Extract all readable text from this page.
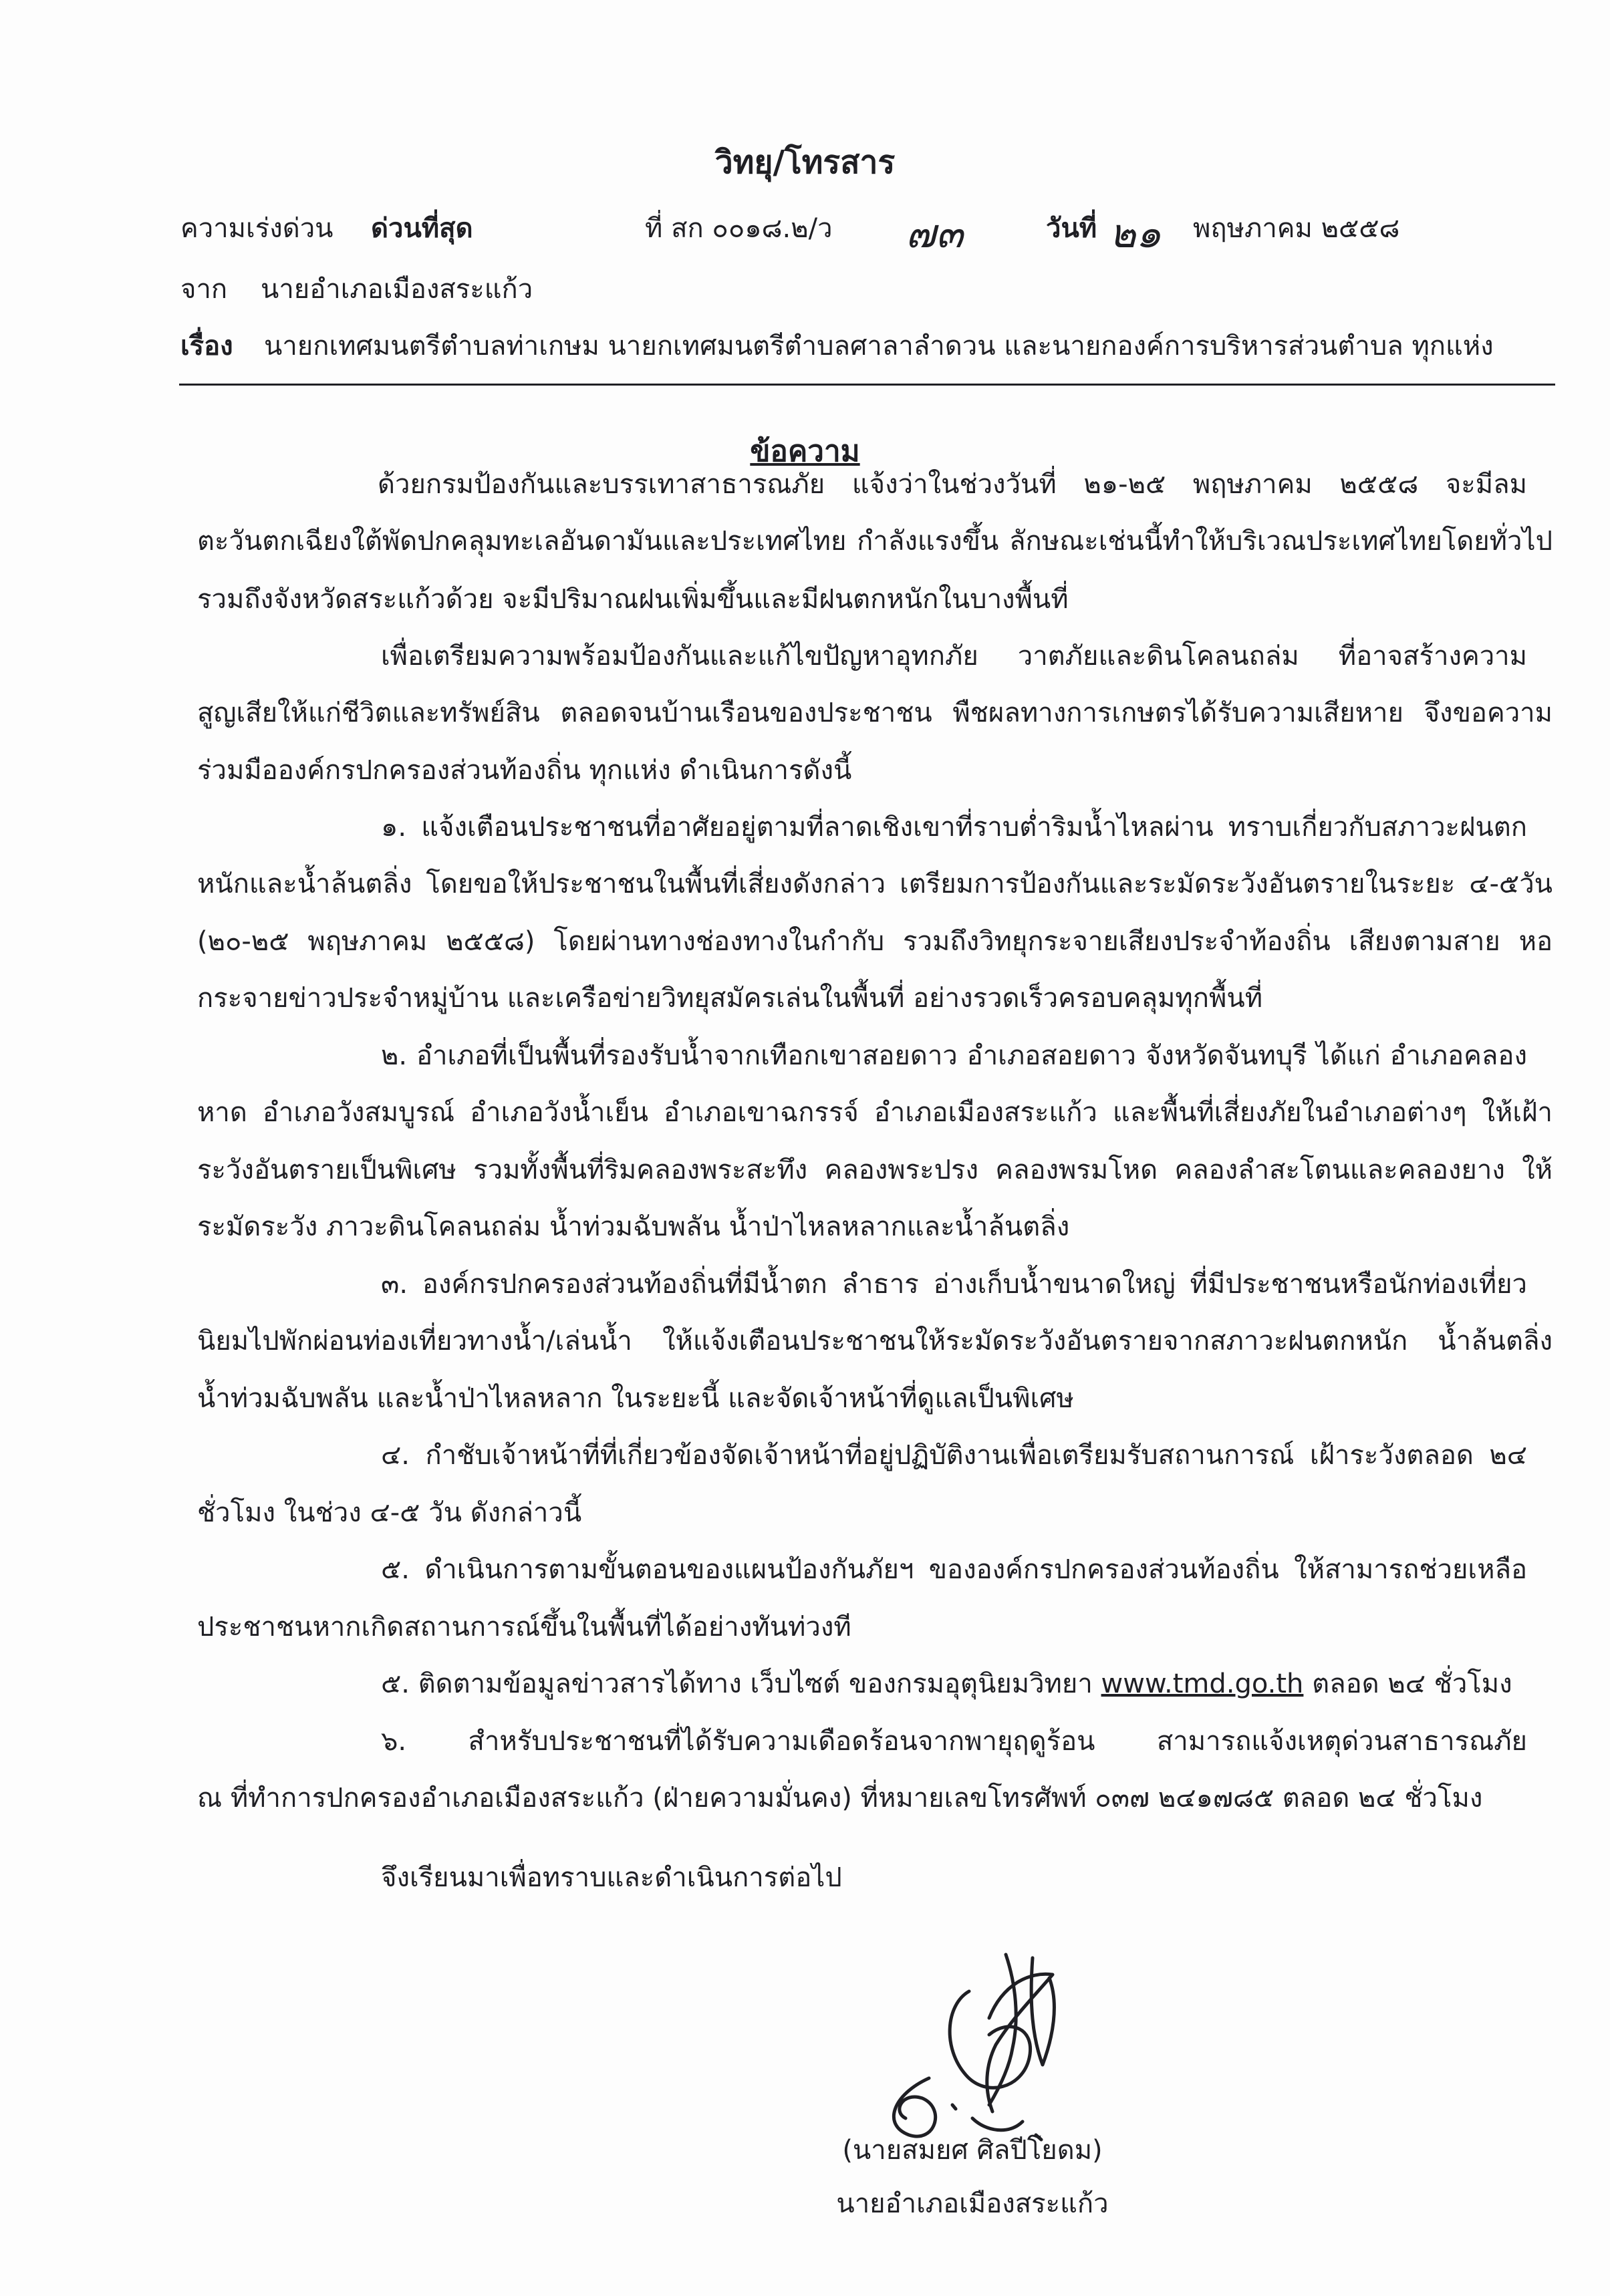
วิทยุ/โทรสาร
ความเร่งด่วน ด่วนที่สุด	ที่ สก ๐๐๑๘.๒/ว ๗๓	วันที่ ๒๑ พฤษภาคม ๒๕๕๘
จาก นายอำเภอเมืองสระแก้ว
เรื่อง นายกเทศมนตรีตำบลท่าเกษม นายกเทศมนตรีตำบลศาลาลำดวน และนายกองค์การบริหารส่วนตำบล ทุกแห่ง
ข้อความ
ด้วยกรมป้องกันและบรรเทาสาธารณภัย แจ้งว่าในช่วงวันที่ ๒๑-๒๕ พฤษภาคม ๒๕๕๘ จะมีลม
ตะวันตกเฉียงใต้พัดปกคลุมทะเลอันดามันและประเทศไทย กำลังแรงขึ้น ลักษณะเช่นนี้ทำให้บริเวณประเทศไทยโดยทั่วไป
รวมถึงจังหวัดสระแก้วด้วย จะมีปริมาณฝนเพิ่มขึ้นและมีฝนตกหนักในบางพื้นที่
เพื่อเตรียมความพร้อมป้องกันและแก้ไขปัญหาอุทกภัย วาตภัยและดินโคลนถล่ม ที่อาจสร้างความ
สูญเสียให้แก่ชีวิตและทรัพย์สิน ตลอดจนบ้านเรือนของประชาชน พืชผลทางการเกษตรได้รับความเสียหาย จึงขอความ
ร่วมมือองค์กรปกครองส่วนท้องถิ่น ทุกแห่ง ดำเนินการดังนี้
๑. แจ้งเตือนประชาชนที่อาศัยอยู่ตามที่ลาดเชิงเขาที่ราบต่ำริมน้ำไหลผ่าน ทราบเกี่ยวกับสภาวะฝนตก
หนักและน้ำล้นตลิ่ง โดยขอให้ประชาชนในพื้นที่เสี่ยงดังกล่าว เตรียมการป้องกันและระมัดระวังอันตรายในระยะ ๔-๕วัน
(๒๐-๒๕ พฤษภาคม ๒๕๕๘) โดยผ่านทางช่องทางในกำกับ รวมถึงวิทยุกระจายเสียงประจำท้องถิ่น เสียงตามสาย หอ
กระจายข่าวประจำหมู่บ้าน และเครือข่ายวิทยุสมัครเล่นในพื้นที่ อย่างรวดเร็วครอบคลุมทุกพื้นที่
๒. อำเภอที่เป็นพื้นที่รองรับน้ำจากเทือกเขาสอยดาว อำเภอสอยดาว จังหวัดจันทบุรี ได้แก่ อำเภอคลอง
หาด อำเภอวังสมบูรณ์ อำเภอวังน้ำเย็น อำเภอเขาฉกรรจ์ อำเภอเมืองสระแก้ว และพื้นที่เสี่ยงภัยในอำเภอต่างๆ ให้เฝ้า
ระวังอันตรายเป็นพิเศษ รวมทั้งพื้นที่ริมคลองพระสะทึง คลองพระปรง คลองพรมโหด คลองลำสะโตนและคลองยาง ให้
ระมัดระวัง ภาวะดินโคลนถล่ม น้ำท่วมฉับพลัน น้ำป่าไหลหลากและน้ำล้นตลิ่ง
๓. องค์กรปกครองส่วนท้องถิ่นที่มีน้ำตก ลำธาร อ่างเก็บน้ำขนาดใหญ่ ที่มีประชาชนหรือนักท่องเที่ยว
นิยมไปพักผ่อนท่องเที่ยวทางน้ำ/เล่นน้ำ ให้แจ้งเตือนประชาชนให้ระมัดระวังอันตรายจากสภาวะฝนตกหนัก น้ำล้นตลิ่ง
น้ำท่วมฉับพลัน และน้ำป่าไหลหลาก ในระยะนี้ และจัดเจ้าหน้าที่ดูแลเป็นพิเศษ
๔. กำชับเจ้าหน้าที่ที่เกี่ยวข้องจัดเจ้าหน้าที่อยู่ปฏิบัติงานเพื่อเตรียมรับสถานการณ์ เฝ้าระวังตลอด ๒๔
ชั่วโมง ในช่วง ๔-๕ วัน ดังกล่าวนี้
๕. ดำเนินการตามขั้นตอนของแผนป้องกันภัยฯ ขององค์กรปกครองส่วนท้องถิ่น ให้สามารถช่วยเหลือ
ประชาชนหากเกิดสถานการณ์ขึ้นในพื้นที่ได้อย่างทันท่วงที
๕. ติดตามข้อมูลข่าวสารได้ทาง เว็บไซต์ ของกรมอุตุนิยมวิทยา www.tmd.go.th ตลอด ๒๔ ชั่วโมง
๖. สำหรับประชาชนที่ได้รับความเดือดร้อนจากพายุฤดูร้อน สามารถแจ้งเหตุด่วนสาธารณภัย
ณ ที่ทำการปกครองอำเภอเมืองสระแก้ว (ฝ่ายความมั่นคง) ที่หมายเลขโทรศัพท์ ๐๓๗ ๒๔๑๗๘๕ ตลอด ๒๔ ชั่วโมง
จึงเรียนมาเพื่อทราบและดำเนินการต่อไป
(นายสมยศ ศิลปีโยดม)
นายอำเภอเมืองสระแก้ว
